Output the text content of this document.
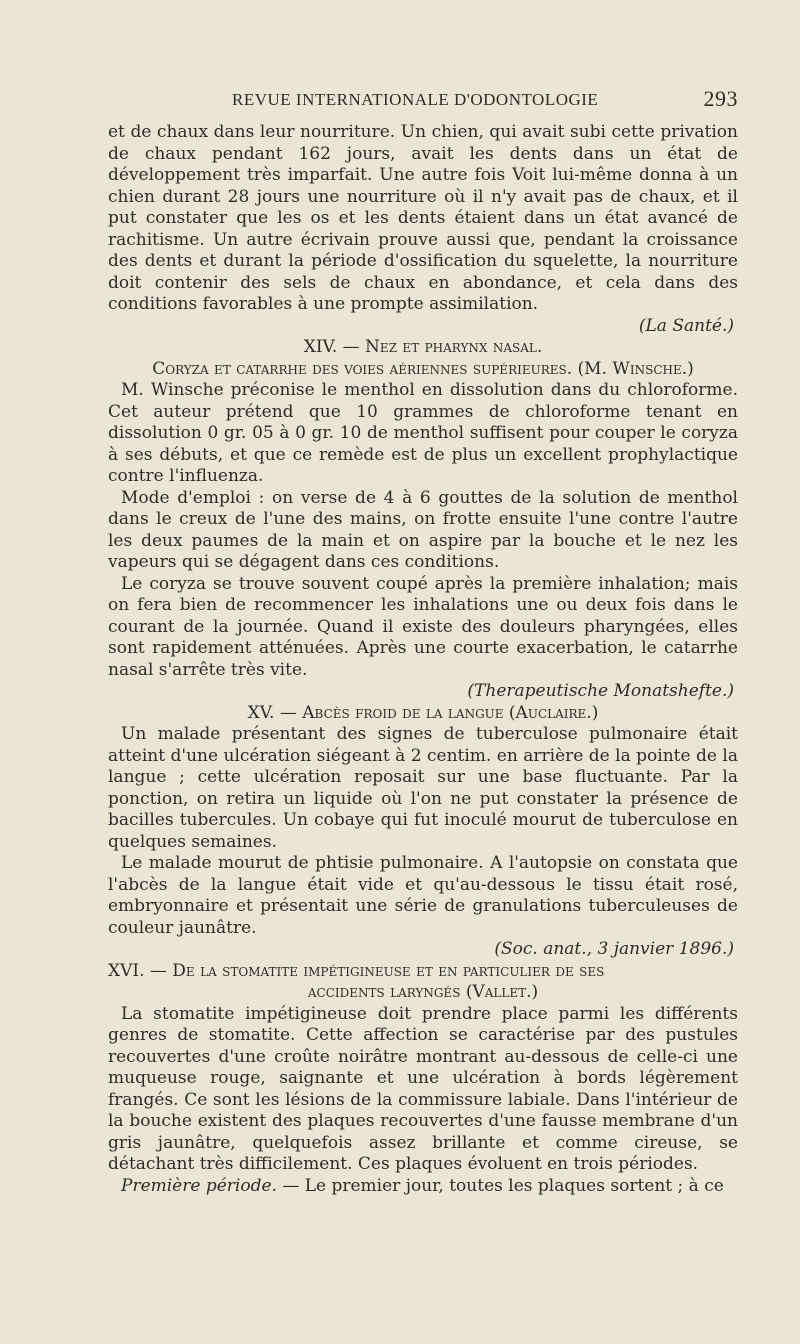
REVUE INTERNATIONALE D'ODONTOLOGIE	293

et de chaux dans leur nourriture. Un chien, qui avait subi cette privation de chaux pendant 162 jours, avait les dents dans un état de développement très imparfait. Une autre fois Voit lui-même donna à un chien durant 28 jours une nourriture où il n'y avait pas de chaux, et il put constater que les os et les dents étaient dans un état avancé de rachitisme. Un autre écrivain prouve aussi que, pendant la croissance des dents et durant la période d'ossification du squelette, la nourriture doit contenir des sels de chaux en abondance, et cela dans des conditions favorables à une prompte assimilation.

(La Santé.)

XIV. — Nez et pharynx nasal.

Coryza et catarrhe des voies aériennes supérieures. (M. Winsche.)

M. Winsche préconise le menthol en dissolution dans du chloroforme. Cet auteur prétend que 10 grammes de chloroforme tenant en dissolution 0 gr. 05 à 0 gr. 10 de menthol suffisent pour couper le coryza à ses débuts, et que ce remède est de plus un excellent prophylactique contre l'influenza.

Mode d'emploi : on verse de 4 à 6 gouttes de la solution de menthol dans le creux de l'une des mains, on frotte ensuite l'une contre l'autre les deux paumes de la main et on aspire par la bouche et le nez les vapeurs qui se dégagent dans ces conditions.

Le coryza se trouve souvent coupé après la première inhalation; mais on fera bien de recommencer les inhalations une ou deux fois dans le courant de la journée. Quand il existe des douleurs pharyngées, elles sont rapidement atténuées. Après une courte exacerbation, le catarrhe nasal s'arrête très vite.

(Therapeutische Monatshefte.)

XV. — Abcès froid de la langue (Auclaire.)

Un malade présentant des signes de tuberculose pulmonaire était atteint d'une ulcération siégeant à 2 centim. en arrière de la pointe de la langue ; cette ulcération reposait sur une base fluctuante. Par la ponction, on retira un liquide où l'on ne put constater la présence de bacilles tubercules. Un cobaye qui fut inoculé mourut de tuberculose en quelques semaines.

Le malade mourut de phtisie pulmonaire. A l'autopsie on constata que l'abcès de la langue était vide et qu'au-dessous le tissu était rosé, embryonnaire et présentait une série de granulations tuberculeuses de couleur jaunâtre.

(Soc. anat., 3 janvier 1896.)

XVI. — De la stomatite impétigineuse et en particulier de ses

accidents laryngés (Vallet.)

La stomatite impétigineuse doit prendre place parmi les différents genres de stomatite. Cette affection se caractérise par des pustules recouvertes d'une croûte noirâtre montrant au-dessous de celle-ci une muqueuse rouge, saignante et une ulcération à bords légèrement frangés. Ce sont les lésions de la commissure labiale. Dans l'intérieur de la bouche existent des plaques recouvertes d'une fausse membrane d'un gris jaunâtre, quelquefois assez brillante et comme cireuse, se détachant très difficilement. Ces plaques évoluent en trois périodes.

Première période. — Le premier jour, toutes les plaques sortent ; à ce
